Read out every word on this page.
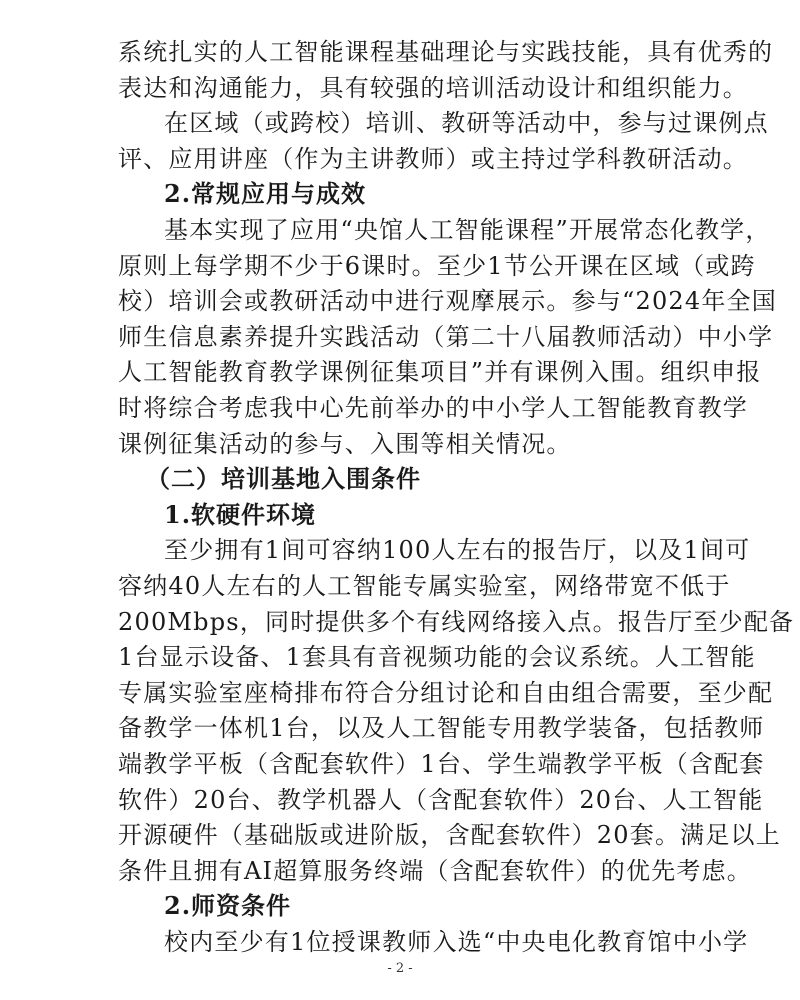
系统扎实的人工智能课程基础理论与实践技能，具有优秀的
表达和沟通能力，具有较强的培训活动设计和组织能力。
在区域（或跨校）培训、教研等活动中，参与过课例点
评、应用讲座（作为主讲教师）或主持过学科教研活动。
2.常规应用与成效
基本实现了应用“央馆人工智能课程”开展常态化教学，
原则上每学期不少于6课时。至少1节公开课在区域（或跨
校）培训会或教研活动中进行观摩展示。参与“2024年全国
师生信息素养提升实践活动（第二十八届教师活动）中小学
人工智能教育教学课例征集项目”并有课例入围。组织申报
时将综合考虑我中心先前举办的中小学人工智能教育教学
课例征集活动的参与、入围等相关情况。
（二）培训基地入围条件
1.软硬件环境
至少拥有1间可容纳100人左右的报告厅，以及1间可
容纳40人左右的人工智能专属实验室，网络带宽不低于
200Mbps，同时提供多个有线网络接入点。报告厅至少配备
1台显示设备、1套具有音视频功能的会议系统。人工智能
专属实验室座椅排布符合分组讨论和自由组合需要，至少配
备教学一体机1台，以及人工智能专用教学装备，包括教师
端教学平板（含配套软件）1台、学生端教学平板（含配套
软件）20台、教学机器人（含配套软件）20台、人工智能
开源硬件（基础版或进阶版，含配套软件）20套。满足以上
条件且拥有AI超算服务终端（含配套软件）的优先考虑。
2.师资条件
校内至少有1位授课教师入选“中央电化教育馆中小学
- 2 -
